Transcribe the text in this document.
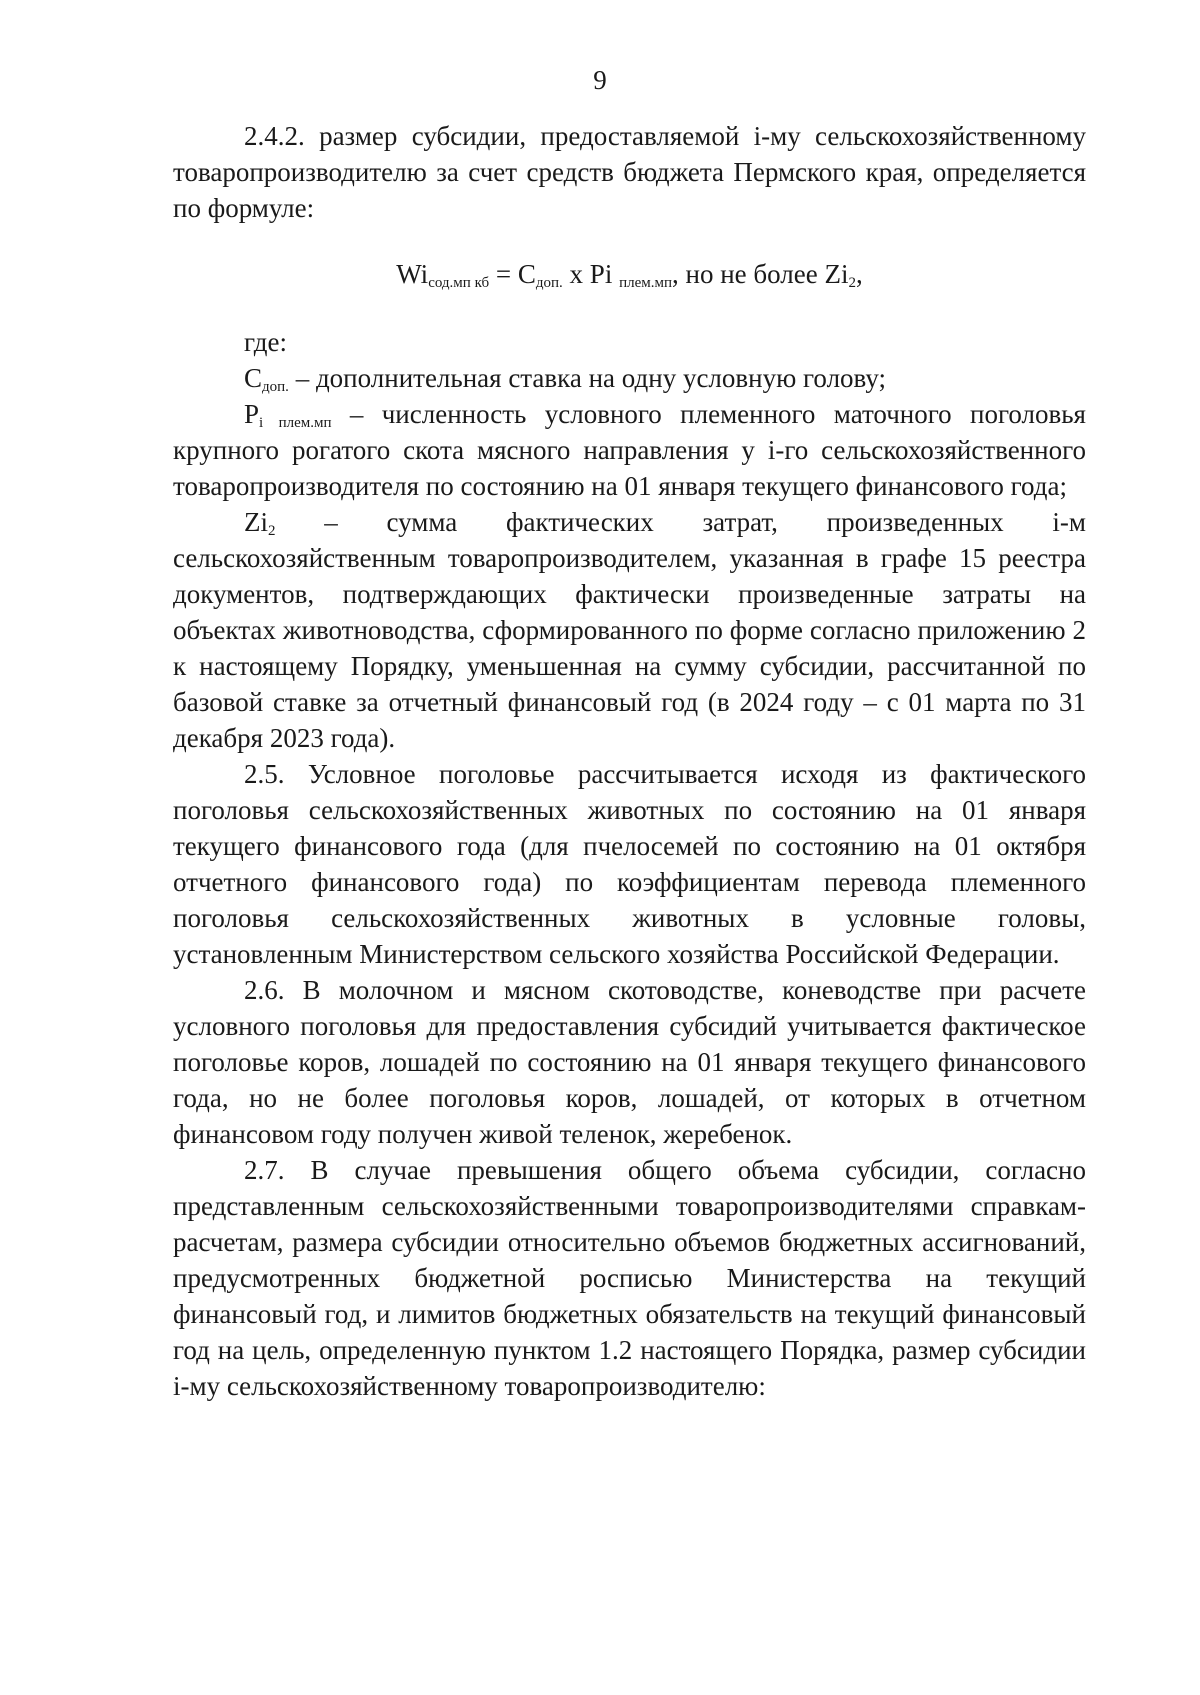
9

2.4.2. размер субсидии, предоставляемой i-му сельскохозяйственному товаропроизводителю за счет средств бюджета Пермского края, определяется по формуле:

$Wi_{сод.мп кб} = С_{доп.}$ х Pi $_{плем.мп}$, но не более $Zi_2$,

где:

$С_{доп.}$ – дополнительная ставка на одну условную голову;

$P_{i плем.мп}$ – численность условного племенного маточного поголовья крупного рогатого скота мясного направления у i-го сельскохозяйственного товаропроизводителя по состоянию на 01 января текущего финансового года;

$Zi_2$ – сумма фактических затрат, произведенных i-м сельскохозяйственным товаропроизводителем, указанная в графе 15 реестра документов, подтверждающих фактически произведенные затраты на объектах животноводства, сформированного по форме согласно приложению 2 к настоящему Порядку, уменьшенная на сумму субсидии, рассчитанной по базовой ставке за отчетный финансовый год (в 2024 году – с 01 марта по 31 декабря 2023 года).

2.5. Условное поголовье рассчитывается исходя из фактического поголовья сельскохозяйственных животных по состоянию на 01 января текущего финансового года (для пчелосемей по состоянию на 01 октября отчетного финансового года) по коэффициентам перевода племенного поголовья сельскохозяйственных животных в условные головы, установленным Министерством сельского хозяйства Российской Федерации.

2.6. В молочном и мясном скотоводстве, коневодстве при расчете условного поголовья для предоставления субсидий учитывается фактическое поголовье коров, лошадей по состоянию на 01 января текущего финансового года, но не более поголовья коров, лошадей, от которых в отчетном финансовом году получен живой теленок, жеребенок.

2.7. В случае превышения общего объема субсидии, согласно представленным сельскохозяйственными товаропроизводителями справкам-расчетам, размера субсидии относительно объемов бюджетных ассигнований, предусмотренных бюджетной росписью Министерства на текущий финансовый год, и лимитов бюджетных обязательств на текущий финансовый год на цель, определенную пунктом 1.2 настоящего Порядка, размер субсидии i-му сельскохозяйственному товаропроизводителю:
